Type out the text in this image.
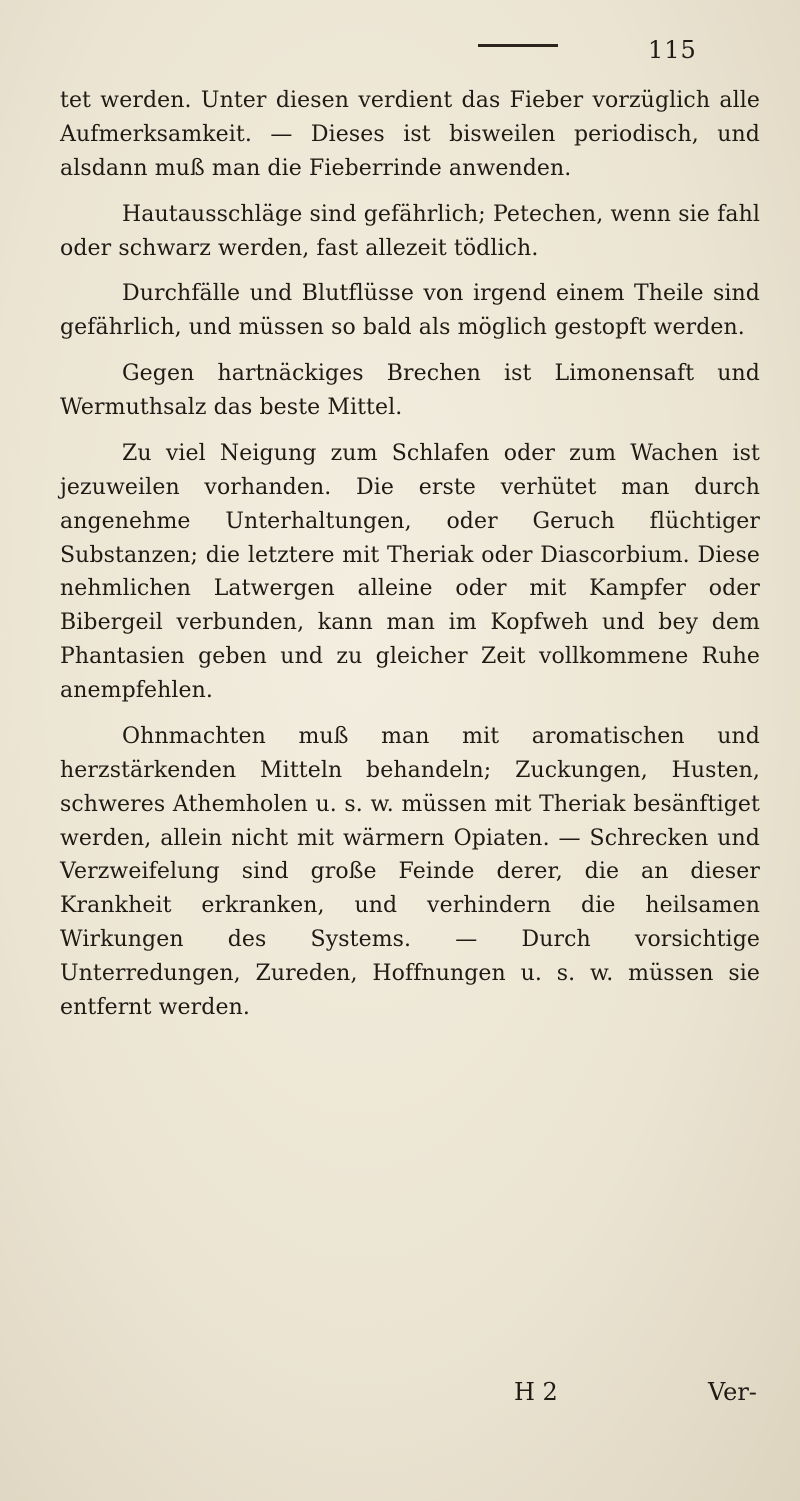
115

tet werden. Unter diesen verdient das Fieber vorzüglich alle Aufmerksamkeit. — Dieses ist bisweilen periodisch, und alsdann muß man die Fieberrinde anwenden.

Hautausschläge sind gefährlich; Petechen, wenn sie fahl oder schwarz werden, fast allezeit tödlich.

Durchfälle und Blutflüsse von irgend einem Theile sind gefährlich, und müssen so bald als möglich gestopft werden.

Gegen hartnäckiges Brechen ist Limonensaft und Wermuthsalz das beste Mittel.

Zu viel Neigung zum Schlafen oder zum Wachen ist jezuweilen vorhanden. Die erste verhütet man durch angenehme Unterhaltungen, oder Geruch flüchtiger Substanzen; die letztere mit Theriak oder Diascorbium. Diese nehmlichen Latwergen alleine oder mit Kampfer oder Bibergeil verbunden, kann man im Kopfweh und bey dem Phantasien geben und zu gleicher Zeit vollkommene Ruhe anempfehlen.

Ohnmachten muß man mit aromatischen und herzstärkenden Mitteln behandeln; Zuckungen, Husten, schweres Athemholen u. s. w. müssen mit Theriak besänftiget werden, allein nicht mit wärmern Opiaten. — Schrecken und Verzweifelung sind große Feinde derer, die an dieser Krankheit erkranken, und verhindern die heilsamen Wirkungen des Systems. — Durch vorsichtige Unterredungen, Zureden, Hoffnungen u. s. w. müssen sie entfernt werden.

H 2	Ver-
